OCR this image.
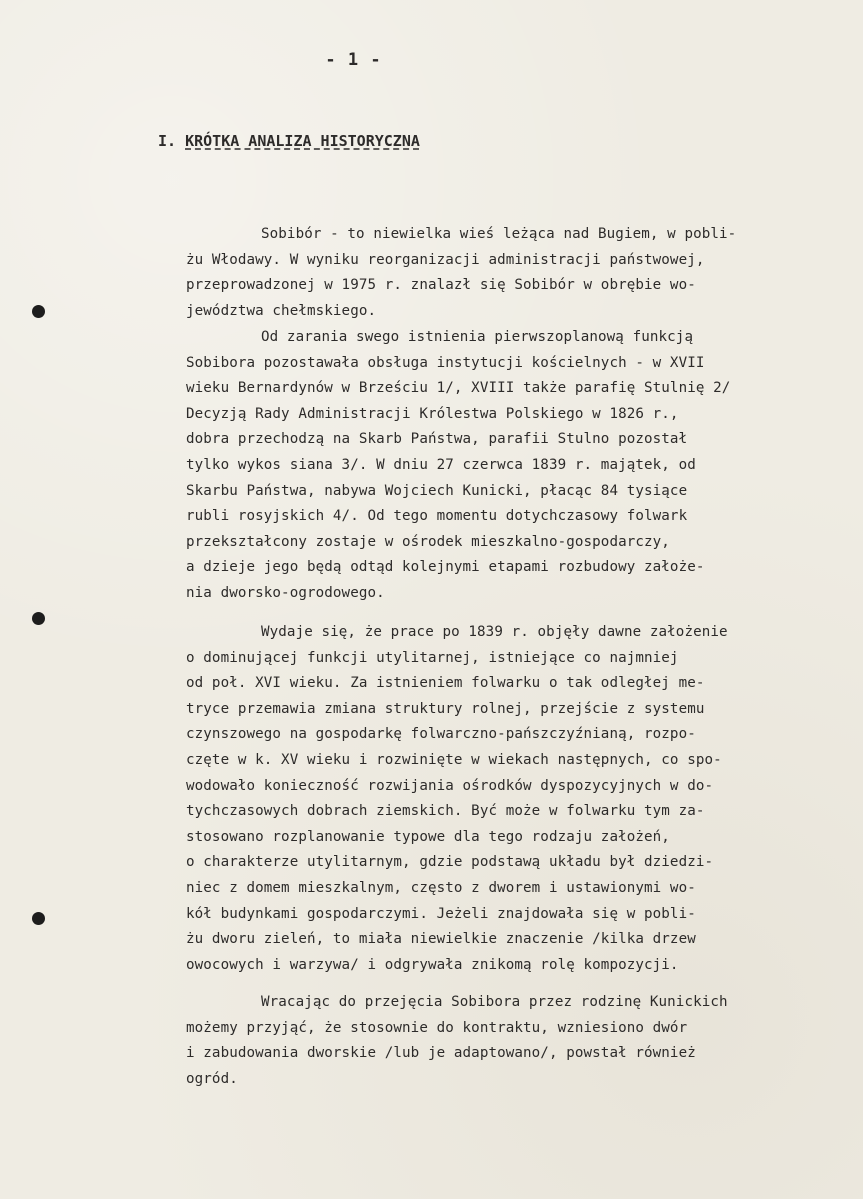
- 1 -
I. KRÓTKA ANALIZA HISTORYCZNA
Sobibór - to niewielka wieś leżąca nad Bugiem, w pobli-
żu Włodawy. W wyniku reorganizacji administracji państwowej,
przeprowadzonej w 1975 r. znalazł się Sobibór w obrębie wo-
jewództwa chełmskiego.
Od zarania swego istnienia pierwszoplanową funkcją
Sobibora pozostawała obsługa instytucji kościelnych - w XVII
wieku Bernardynów w Brześciu 1/, XVIII także parafię Stulnię 2/
Decyzją Rady Administracji Królestwa Polskiego w 1826 r.,
dobra przechodzą na Skarb Państwa, parafii Stulno pozostał
tylko wykos siana 3/. W dniu 27 czerwca 1839 r. majątek, od
Skarbu Państwa, nabywa Wojciech Kunicki, płacąc 84 tysiące
rubli rosyjskich 4/. Od tego momentu dotychczasowy folwark
przekształcony zostaje w ośrodek mieszkalno-gospodarczy,
a dzieje jego będą odtąd kolejnymi etapami rozbudowy założe-
nia dworsko-ogrodowego.
Wydaje się, że prace po 1839 r. objęły dawne założenie
o dominującej funkcji utylitarnej, istniejące co najmniej
od poł. XVI wieku. Za istnieniem folwarku o tak odległej me-
tryce przemawia zmiana struktury rolnej, przejście z systemu
czynszowego na gospodarkę folwarczno-pańszczyźnianą, rozpo-
częte w k. XV wieku i rozwinięte w wiekach następnych, co spo-
wodowało konieczność rozwijania ośrodków dyspozycyjnych w do-
tychczasowych dobrach ziemskich. Być może w folwarku tym za-
stosowano rozplanowanie typowe dla tego rodzaju założeń,
o charakterze utylitarnym, gdzie podstawą układu był dziedzi-
niec z domem mieszkalnym, często z dworem i ustawionymi wo-
kół budynkami gospodarczymi. Jeżeli znajdowała się w pobli-
żu dworu zieleń, to miała niewielkie znaczenie /kilka drzew
owocowych i warzywa/ i odgrywała znikomą rolę kompozycji.
Wracając do przejęcia Sobibora przez rodzinę Kunickich
możemy przyjąć, że stosownie do kontraktu, wzniesiono dwór
i zabudowania dworskie /lub je adaptowano/, powstał również
ogród.
